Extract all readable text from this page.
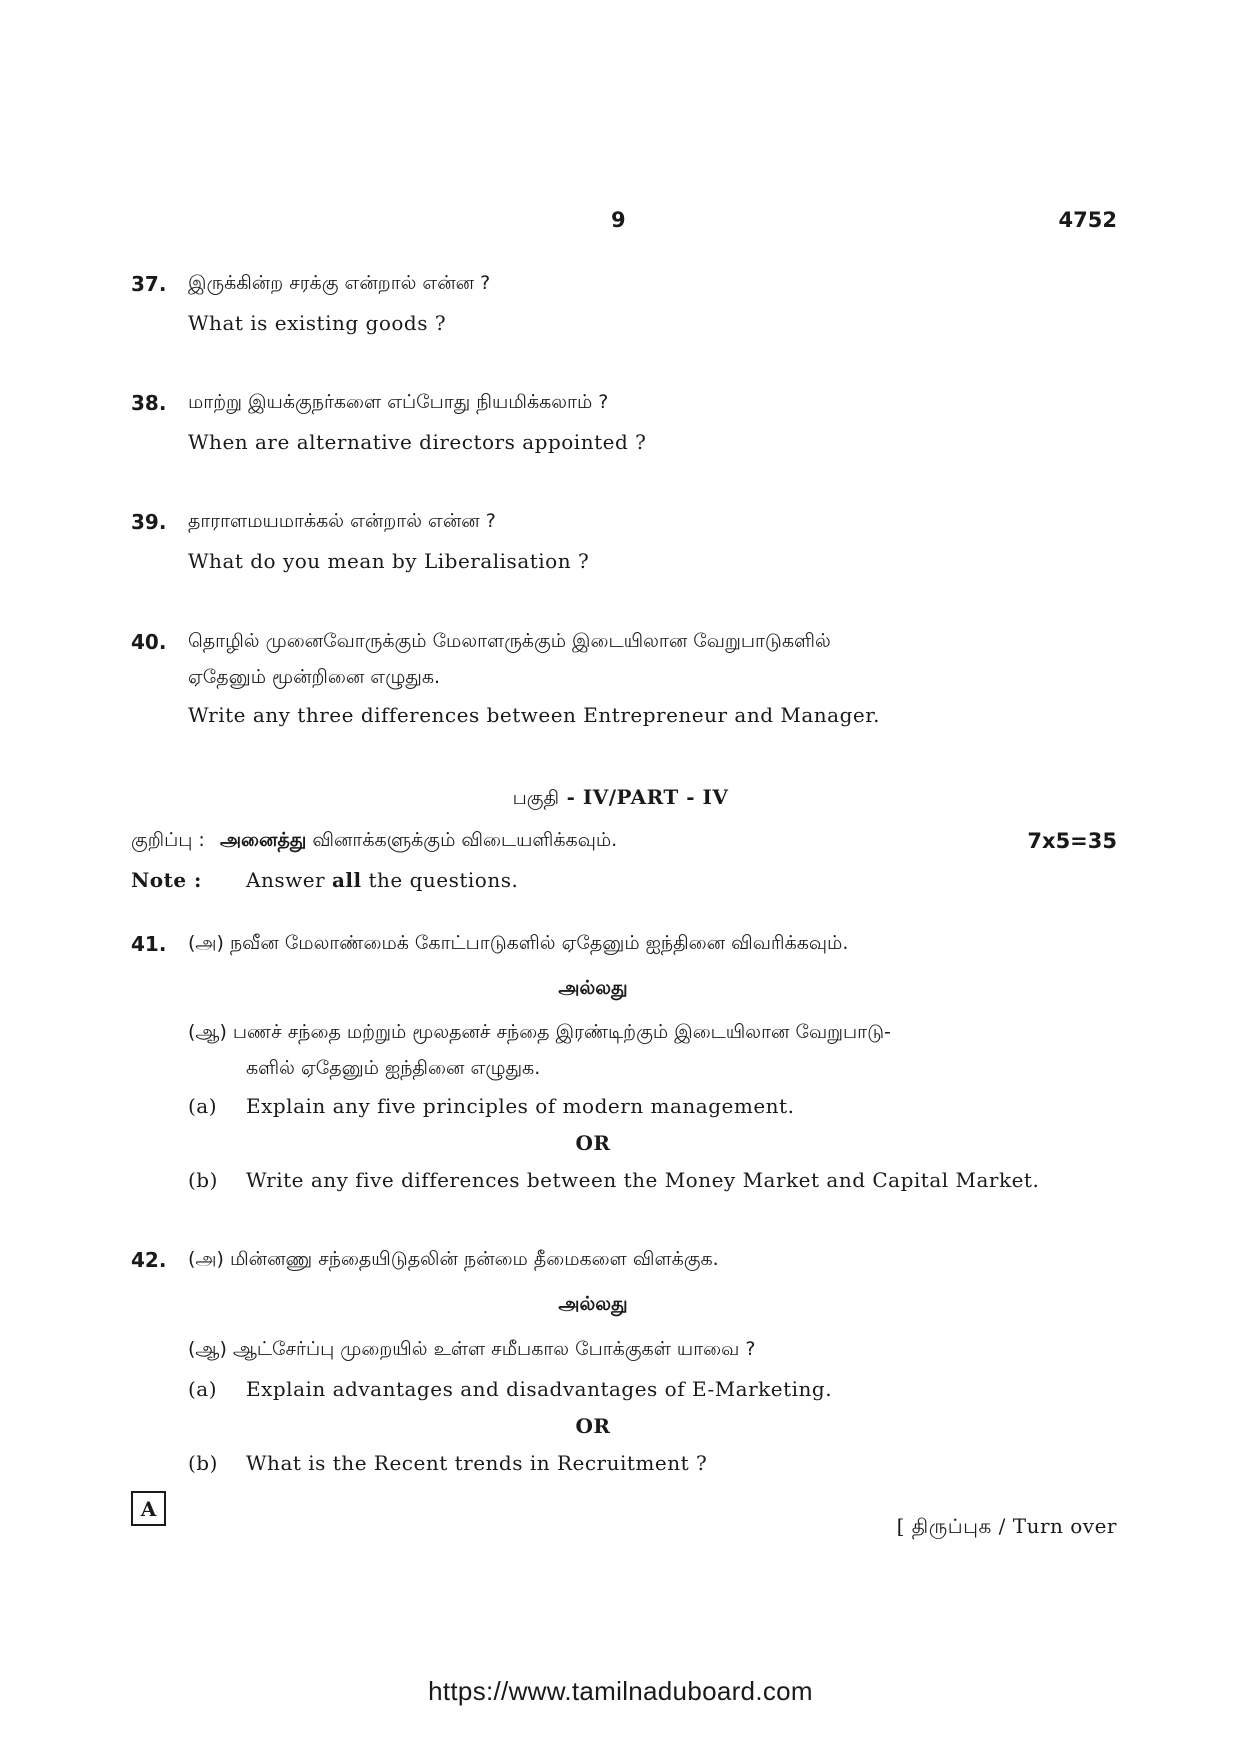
9	4752
37. இருக்கின்ற சரக்கு என்றால் என்ன ?
What is existing goods ?
38. மாற்று இயக்குநர்களை எப்போது நியமிக்கலாம் ?
When are alternative directors appointed ?
39. தாராளமயமாக்கல் என்றால் என்ன ?
What do you mean by Liberalisation ?
40. தொழில் முனைவோருக்கும் மேலாளருக்கும் இடையிலான வேறுபாடுகளில்
ஏதேனும் மூன்றினை எழுதுக.
Write any three differences between Entrepreneur and Manager.
பகுதி - IV/PART - IV
குறிப்பு : அனைத்து வினாக்களுக்கும் விடையளிக்கவும்.	7x5=35
Note : Answer all the questions.
41. (அ) நவீன மேலாண்மைக் கோட்பாடுகளில் ஏதேனும் ஐந்தினை விவரிக்கவும்.
அல்லது
(ஆ) பணச் சந்தை மற்றும் மூலதனச் சந்தை இரண்டிற்கும் இடையிலான வேறுபாடு-
களில் ஏதேனும் ஐந்தினை எழுதுக.
(a) Explain any five principles of modern management.
OR
(b) Write any five differences between the Money Market and Capital Market.
42. (அ) மின்னணு சந்தையிடுதலின் நன்மை தீமைகளை விளக்குக.
அல்லது
(ஆ) ஆட்சேர்ப்பு முறையில் உள்ள சமீபகால போக்குகள் யாவை ?
(a) Explain advantages and disadvantages of E-Marketing.
OR
(b) What is the Recent trends in Recruitment ?
A
[ திருப்புக / Turn over
https://www.tamilnaduboard.com
